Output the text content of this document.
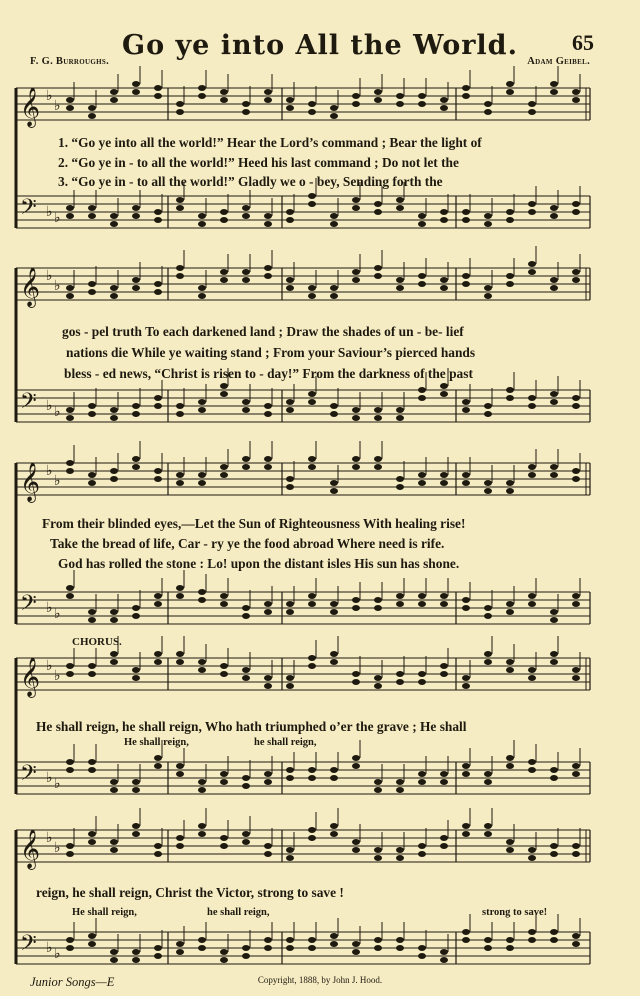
𝄞
𝄢
♭
♭
♭
♭
𝄞
𝄢
♭
♭
♭
♭
𝄞
𝄢
♭
♭
♭
♭
𝄞
𝄢
♭
♭
♭
♭
𝄞
𝄢
♭
♭
♭
♭
Go ye into All the World.	65
F. G. Burroughs.	Adam Geibel.
1. “Go ye into all the world!” Hear the Lord’s command ; Bear the light of
2. “Go ye in - to all the world!” Heed his last command ; Do not let the
3. “Go ye in - to all the world!” Gladly we o - bey, Sending forth the
gos - pel truth To each darkened land ; Draw the shades of un - be- lief
nations die While ye waiting stand ; From your Saviour’s pierced hands
bless - ed news, “Christ is risen to - day!” From the darkness of the past
From their blinded eyes,—Let the Sun of Righteousness With healing rise!
Take the bread of life, Car - ry ye the food abroad Where need is rife.
God has rolled the stone : Lo! upon the distant isles His sun has shone.
CHORUS.
He shall reign, he shall reign, Who hath triumphed o’er the grave ; He shall
He shall reign,	he shall reign,
reign, he shall reign, Christ the Victor, strong to save !
He shall reign,	he shall reign,	strong to save!
Junior Songs—E	Copyright, 1888, by John J. Hood.
